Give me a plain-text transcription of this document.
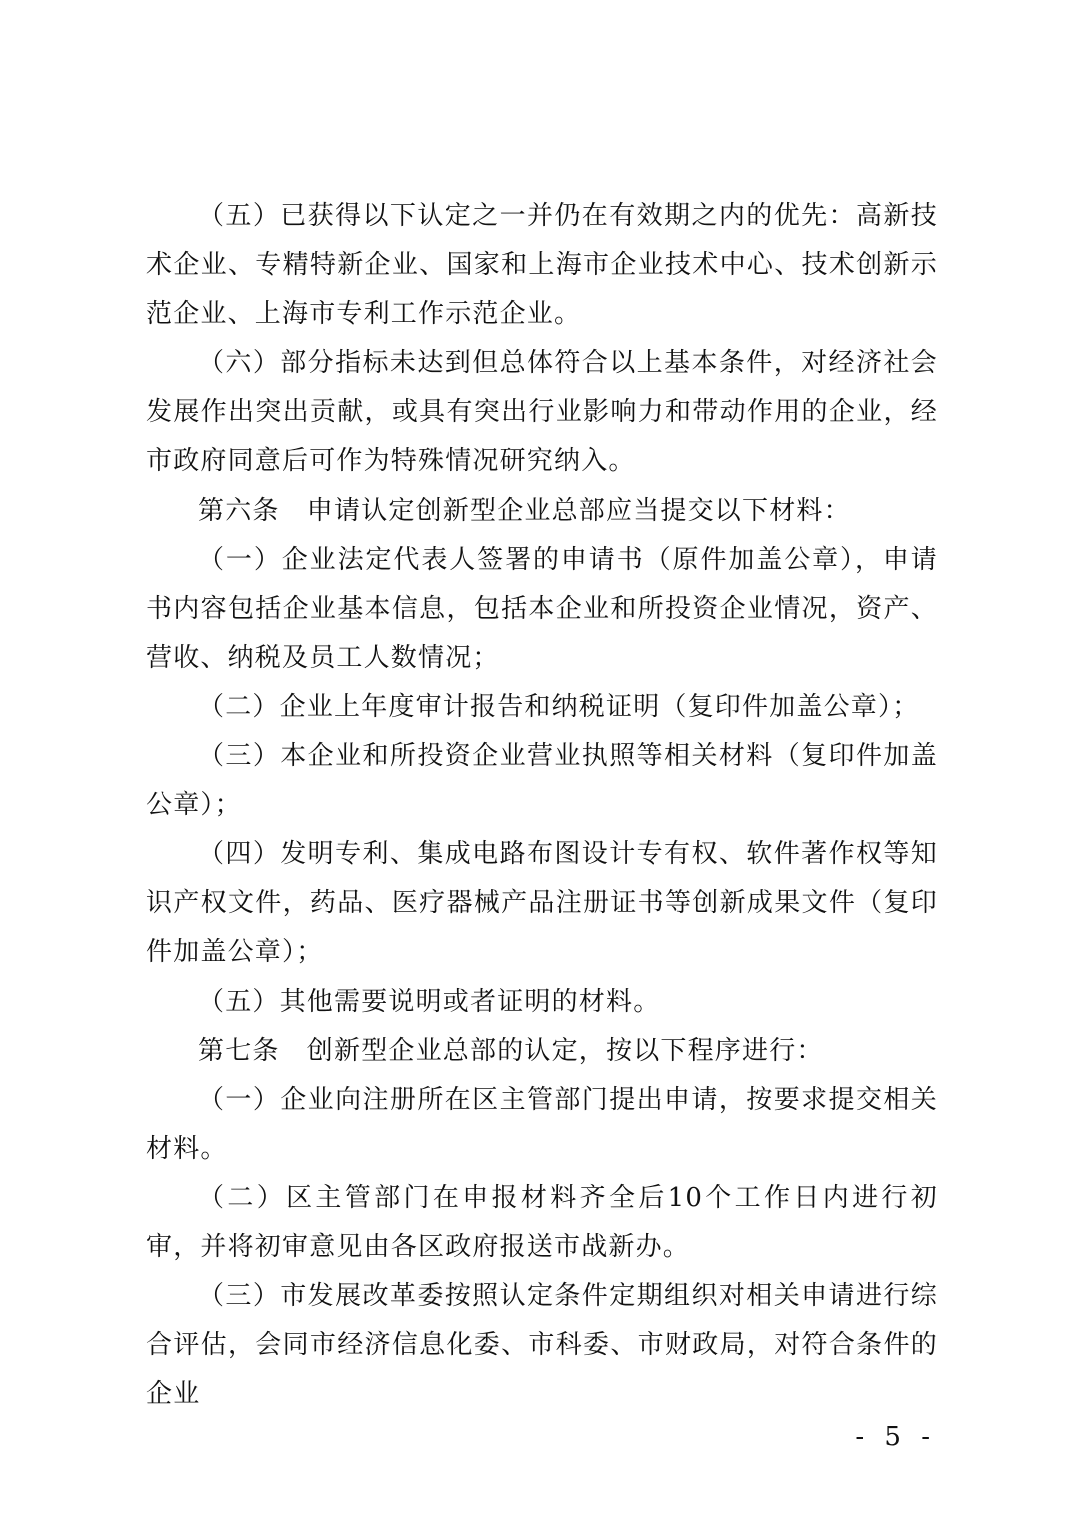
（五）已获得以下认定之一并仍在有效期之内的优先：高新技术企业、专精特新企业、国家和上海市企业技术中心、技术创新示范企业、上海市专利工作示范企业。

（六）部分指标未达到但总体符合以上基本条件，对经济社会发展作出突出贡献，或具有突出行业影响力和带动作用的企业，经市政府同意后可作为特殊情况研究纳入。

第六条　申请认定创新型企业总部应当提交以下材料：

（一）企业法定代表人签署的申请书（原件加盖公章），申请书内容包括企业基本信息，包括本企业和所投资企业情况，资产、营收、纳税及员工人数情况；

（二）企业上年度审计报告和纳税证明（复印件加盖公章）；

（三）本企业和所投资企业营业执照等相关材料（复印件加盖公章）；

（四）发明专利、集成电路布图设计专有权、软件著作权等知识产权文件，药品、医疗器械产品注册证书等创新成果文件（复印件加盖公章）；

（五）其他需要说明或者证明的材料。

第七条　创新型企业总部的认定，按以下程序进行：

（一）企业向注册所在区主管部门提出申请，按要求提交相关材料。

（二）区主管部门在申报材料齐全后10个工作日内进行初审，并将初审意见由各区政府报送市战新办。

（三）市发展改革委按照认定条件定期组织对相关申请进行综合评估，会同市经济信息化委、市科委、市财政局，对符合条件的企业

- 5 -
